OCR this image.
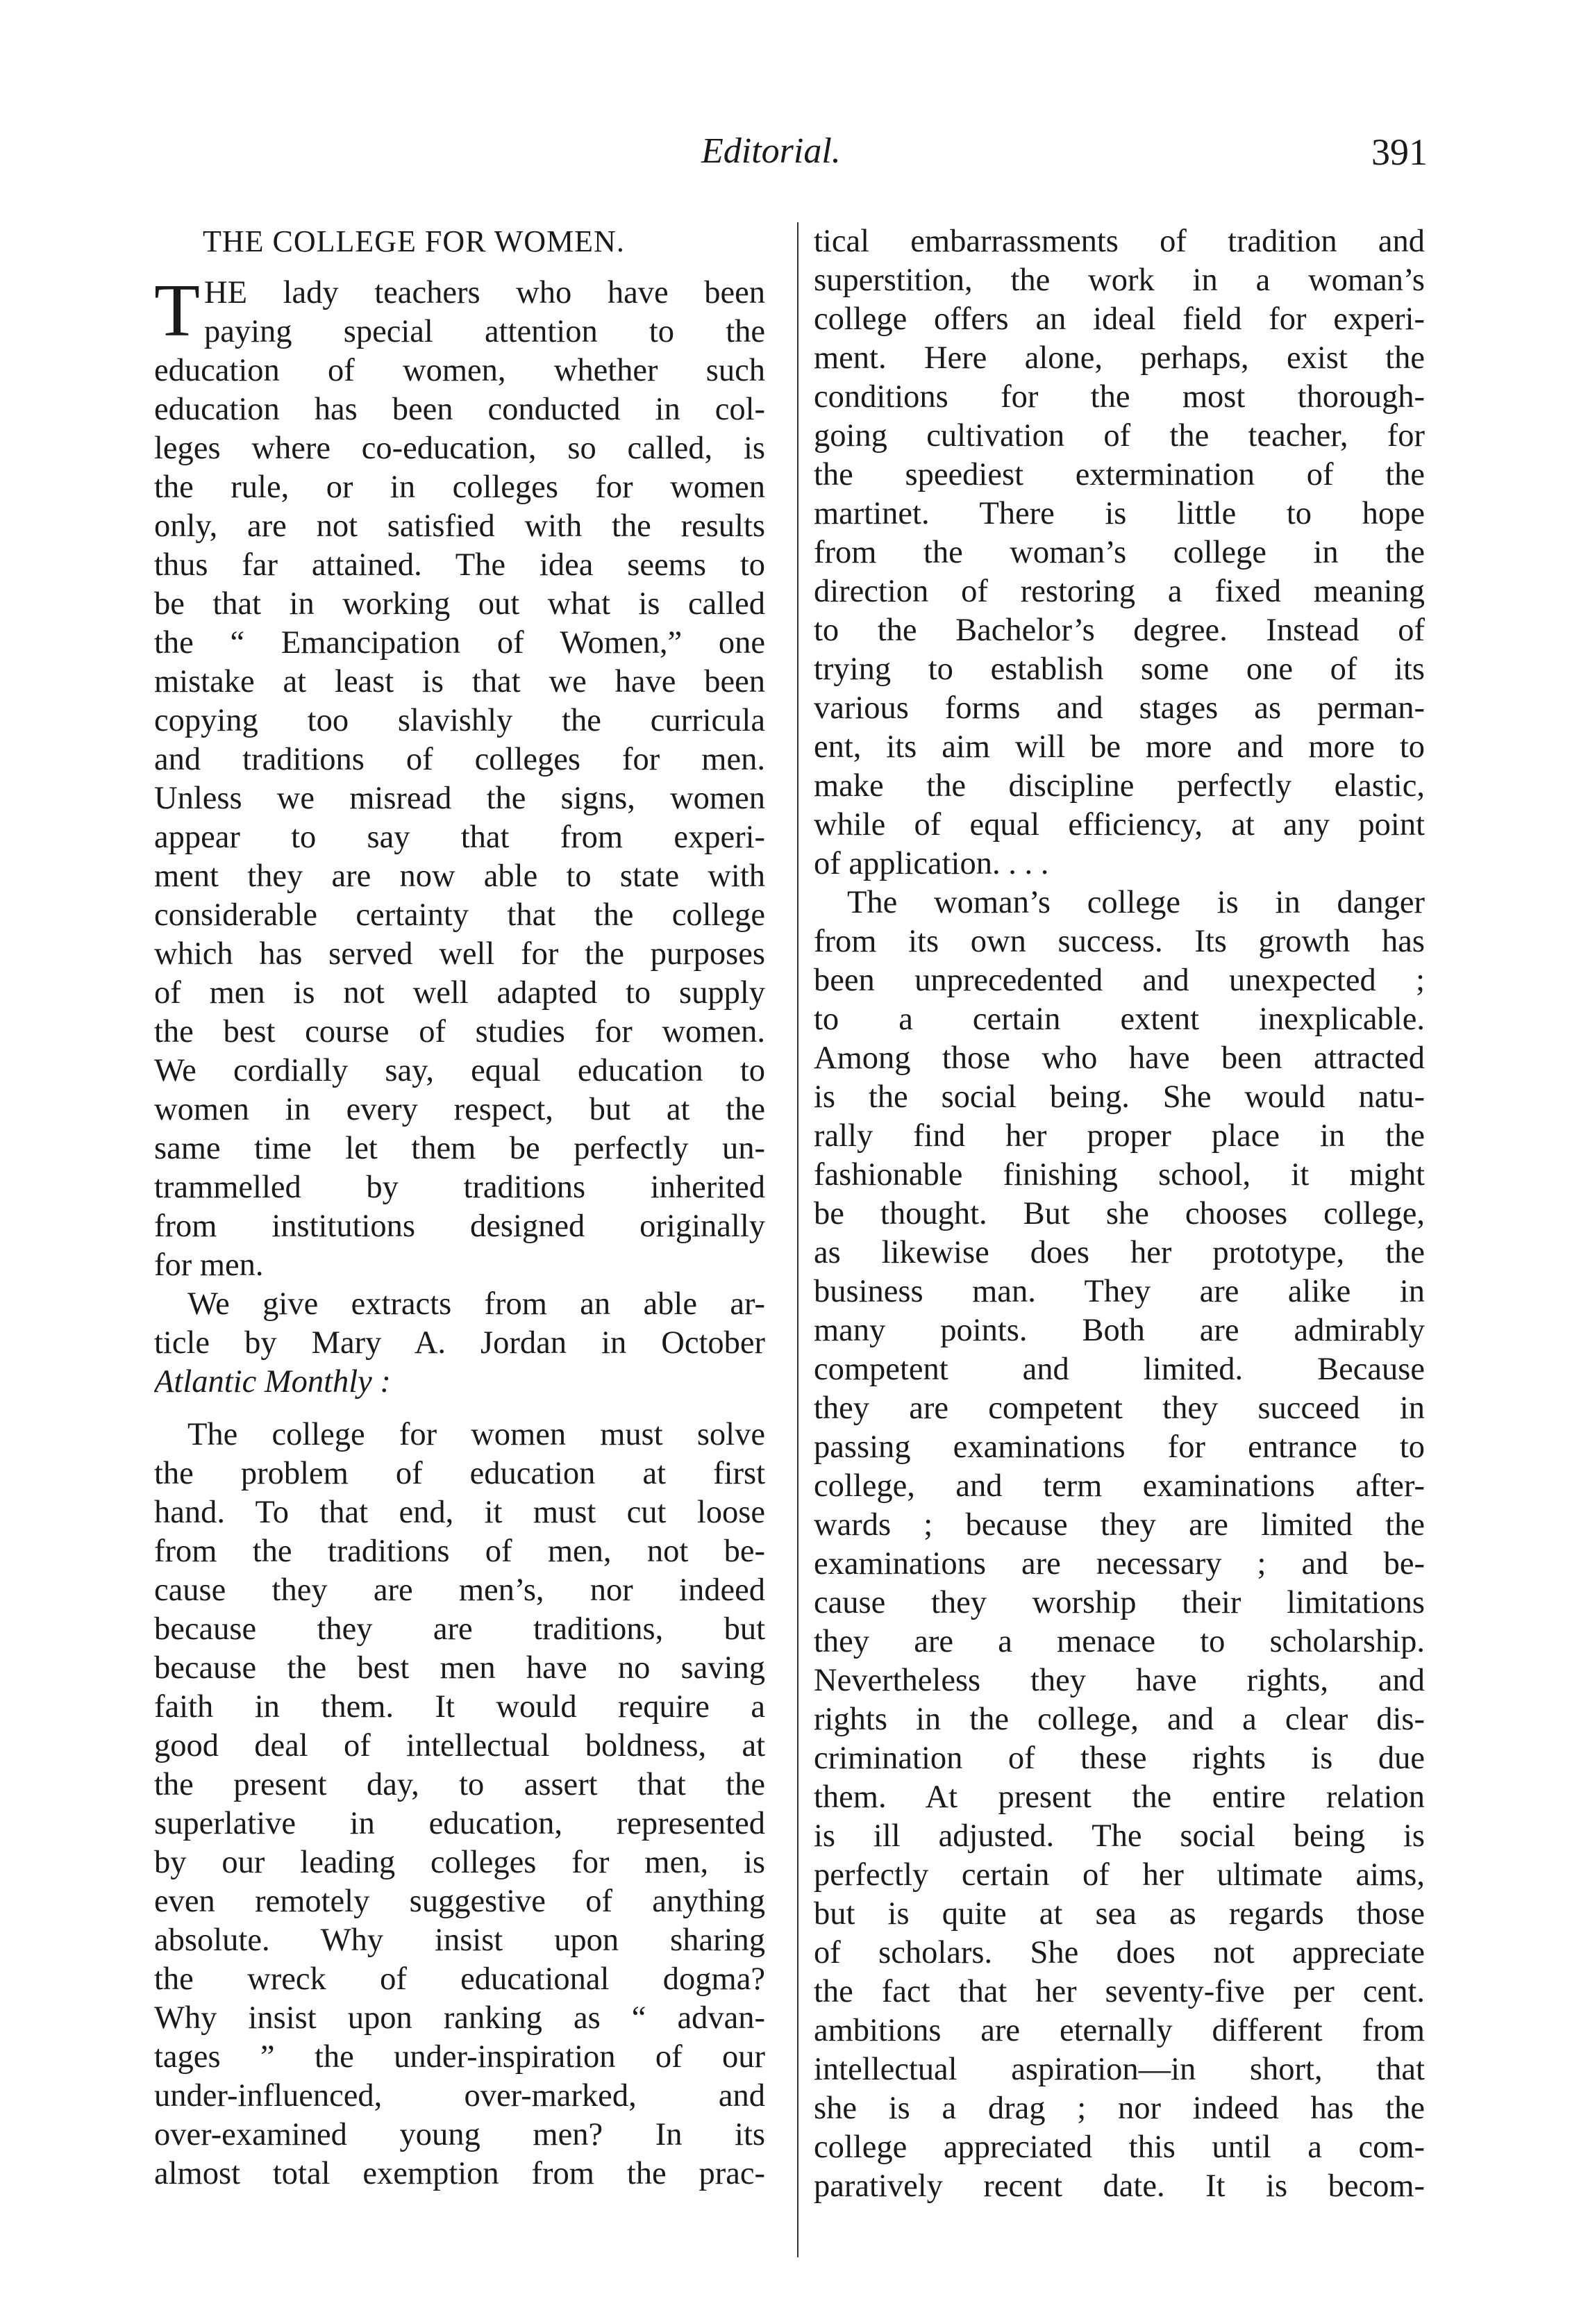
Editorial.	391
THE COLLEGE FOR WOMEN.
T HE lady teachers who have been
paying special attention to the
education of women, whether such
education has been conducted in col-
leges where co-education, so called, is
the rule, or in colleges for women
only, are not satisfied with the results
thus far attained. The idea seems to
be that in working out what is called
the “ Emancipation of Women,” one
mistake at least is that we have been
copying too slavishly the curricula
and traditions of colleges for men.
Unless we misread the signs, women
appear to say that from experi-
ment they are now able to state with
considerable certainty that the college
which has served well for the purposes
of men is not well adapted to supply
the best course of studies for women.
We cordially say, equal education to
women in every respect, but at the
same time let them be perfectly un-
trammelled by traditions inherited
from institutions designed originally
for men.
We give extracts from an able ar-
ticle by Mary A. Jordan in October
Atlantic Monthly :
The college for women must solve
the problem of education at first
hand. To that end, it must cut loose
from the traditions of men, not be-
cause they are men’s, nor indeed
because they are traditions, but
because the best men have no saving
faith in them. It would require a
good deal of intellectual boldness, at
the present day, to assert that the
superlative in education, represented
by our leading colleges for men, is
even remotely suggestive of anything
absolute. Why insist upon sharing
the wreck of educational dogma?
Why insist upon ranking as “ advan-
tages ” the under-inspiration of our
under-influenced, over-marked, and
over-examined young men? In its
almost total exemption from the prac-
tical embarrassments of tradition and
superstition, the work in a woman’s
college offers an ideal field for experi-
ment. Here alone, perhaps, exist the
conditions for the most thorough-
going cultivation of the teacher, for
the speediest extermination of the
martinet. There is little to hope
from the woman’s college in the
direction of restoring a fixed meaning
to the Bachelor’s degree. Instead of
trying to establish some one of its
various forms and stages as perman-
ent, its aim will be more and more to
make the discipline perfectly elastic,
while of equal efficiency, at any point
of application. . . .
The woman’s college is in danger
from its own success. Its growth has
been unprecedented and unexpected ;
to a certain extent inexplicable.
Among those who have been attracted
is the social being. She would natu-
rally find her proper place in the
fashionable finishing school, it might
be thought. But she chooses college,
as likewise does her prototype, the
business man. They are alike in
many points. Both are admirably
competent and limited. Because
they are competent they succeed in
passing examinations for entrance to
college, and term examinations after-
wards ; because they are limited the
examinations are necessary ; and be-
cause they worship their limitations
they are a menace to scholarship.
Nevertheless they have rights, and
rights in the college, and a clear dis-
crimination of these rights is due
them. At present the entire relation
is ill adjusted. The social being is
perfectly certain of her ultimate aims,
but is quite at sea as regards those
of scholars. She does not appreciate
the fact that her seventy-five per cent.
ambitions are eternally different from
intellectual aspiration—in short, that
she is a drag ; nor indeed has the
college appreciated this until a com-
paratively recent date. It is becom-
